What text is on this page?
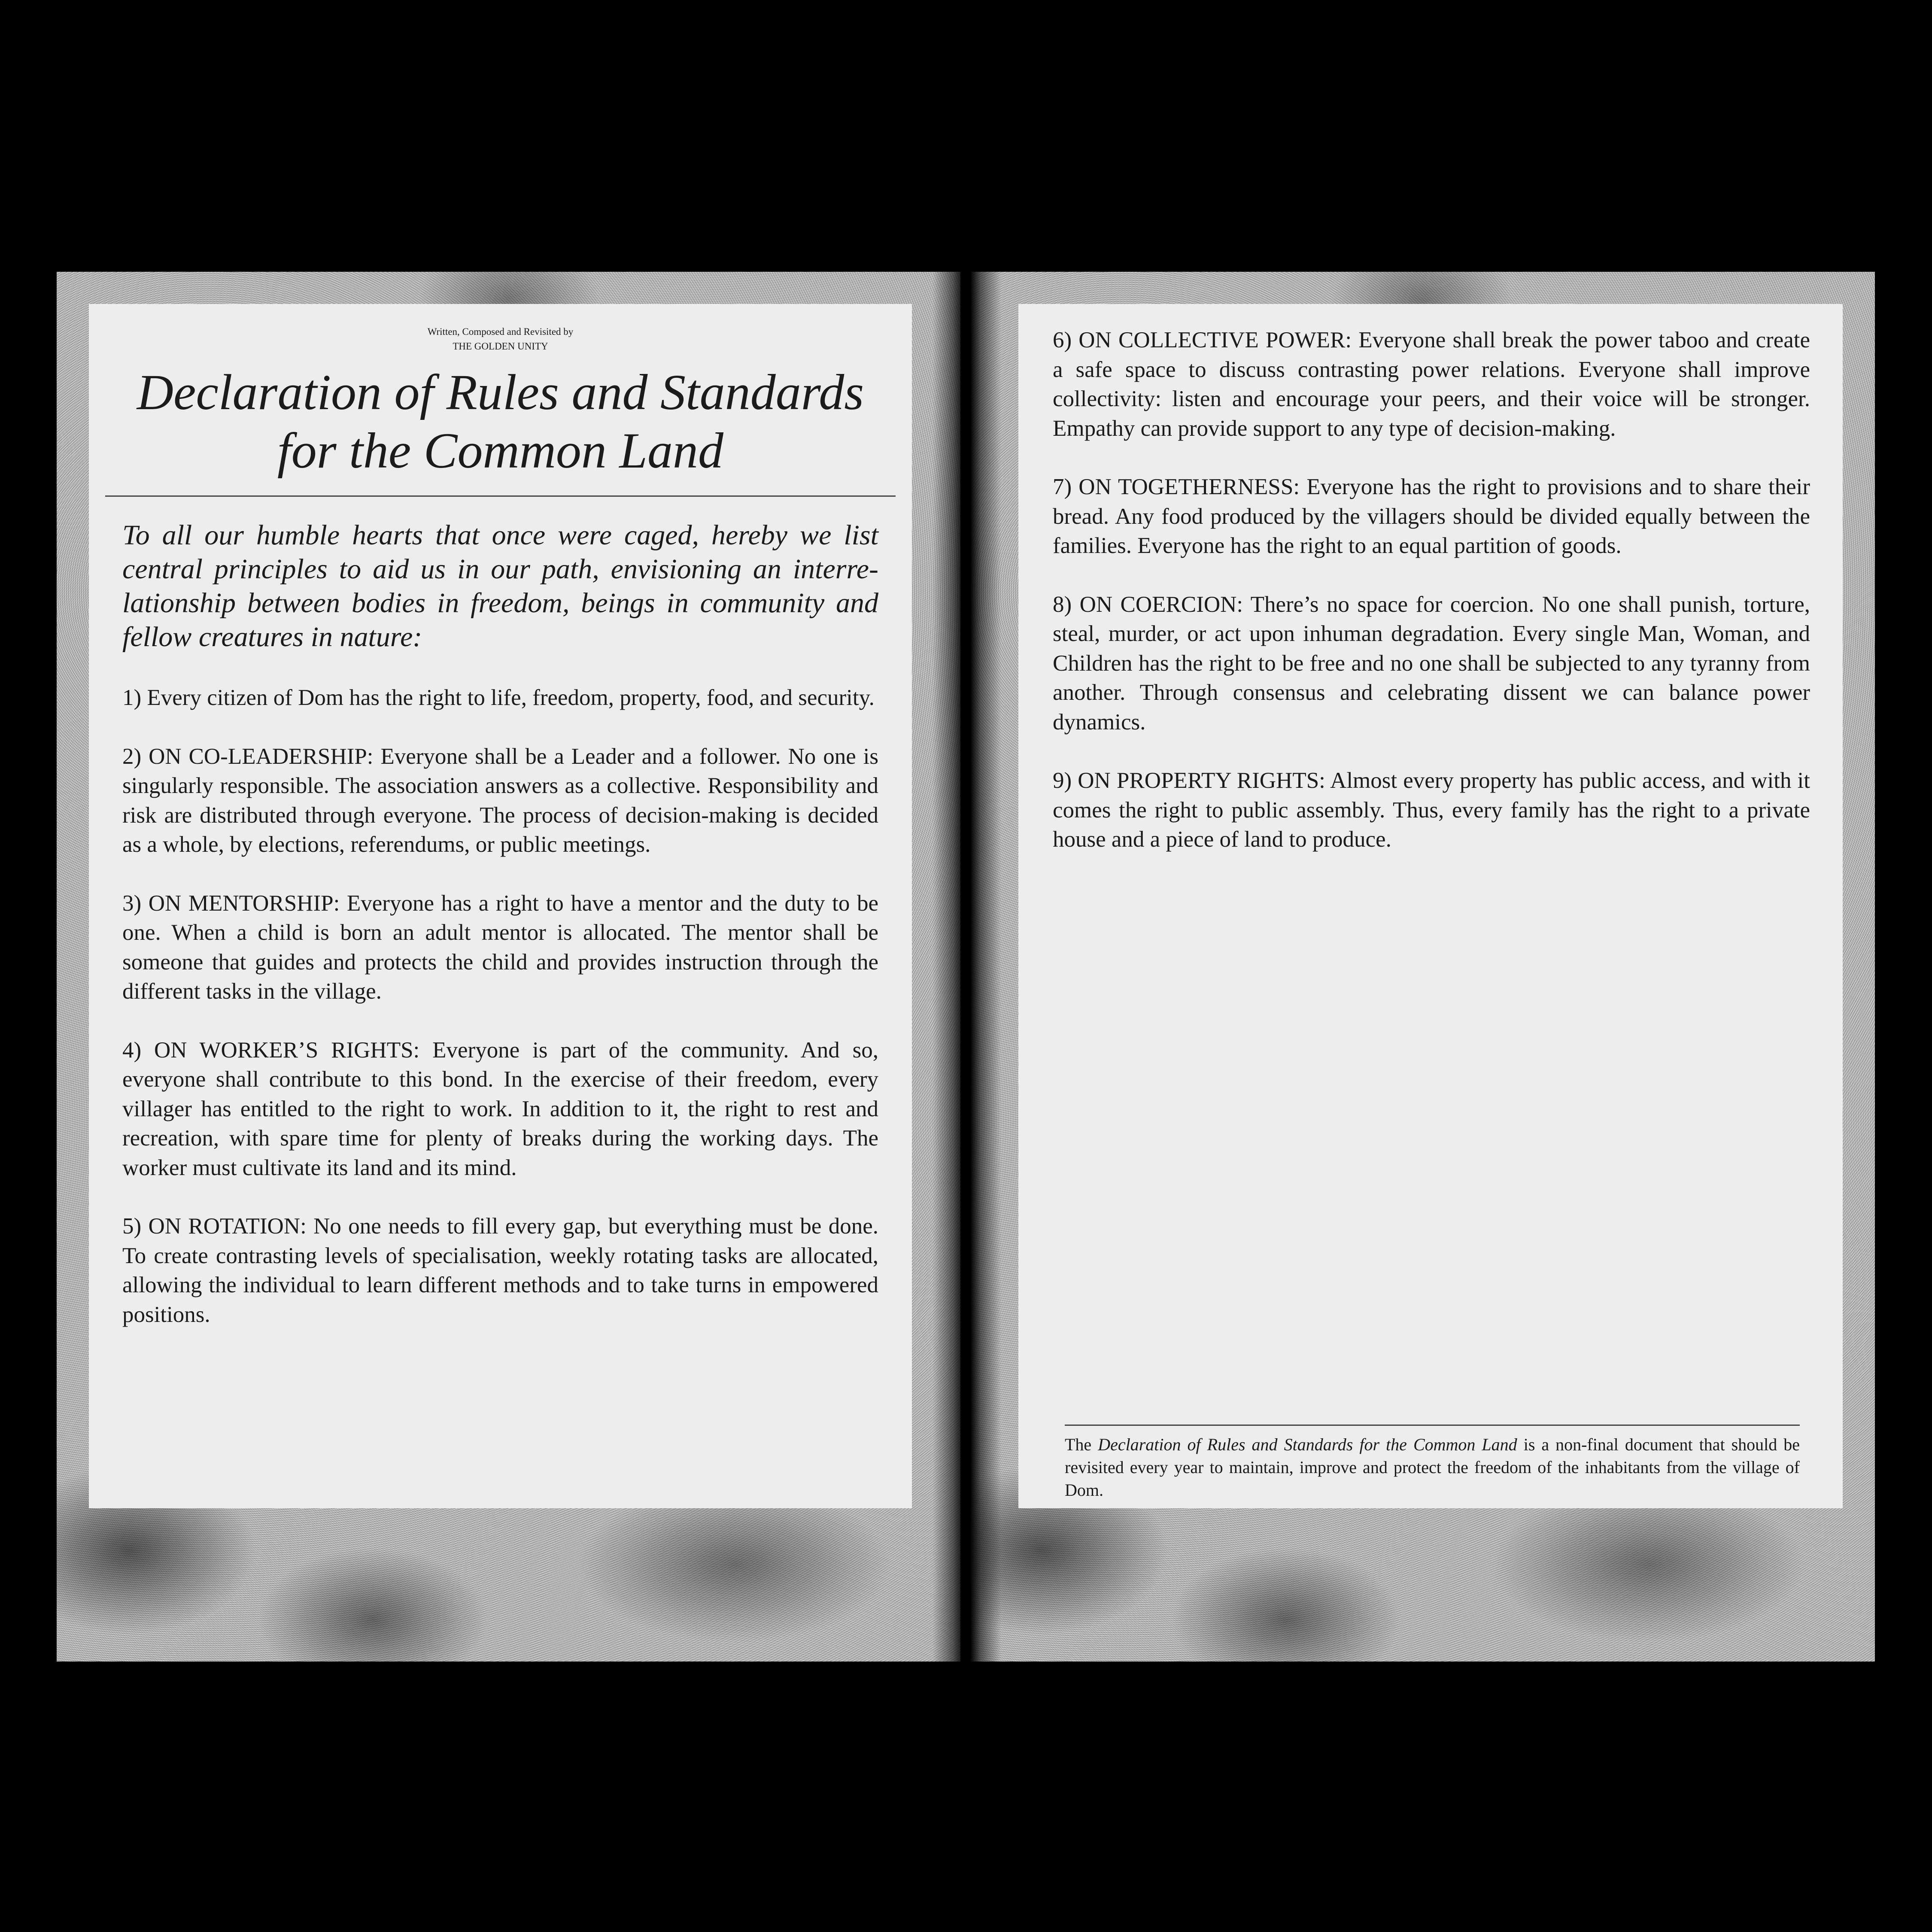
Written, Composed and Revisited by
THE GOLDEN UNITY
Declaration of Rules and Standards
for the Common Land

To all our humble hearts that once were caged, hereby we list central principles to aid us in our path, envisioning an interre-lationship between bodies in freedom, beings in community and fellow creatures in nature:

1) Every citizen of Dom has the right to life, freedom, property, food, and security.

2) ON CO-LEADERSHIP: Everyone shall be a Leader and a follower. No one is singularly responsible. The association answers as a collective. Responsibility and risk are distributed through everyone. The process of decision-making is decided as a whole, by elections, referendums, or public meetings.

3) ON MENTORSHIP: Everyone has a right to have a mentor and the duty to be one. When a child is born an adult mentor is allocated. The mentor shall be someone that guides and protects the child and provides instruction through the different tasks in the village.

4) ON WORKER’S RIGHTS: Everyone is part of the community. And so, everyone shall contribute to this bond. In the exercise of their freedom, every villager has entitled to the right to work. In addition to it, the right to rest and recreation, with spare time for plenty of breaks during the working days. The worker must cultivate its land and its mind.

5) ON ROTATION: No one needs to fill every gap, but everything must be done. To create contrasting levels of specialisation, weekly rotating tasks are allocated, allowing the individual to learn different methods and to take turns in empowered positions.

6) ON COLLECTIVE POWER: Everyone shall break the power taboo and create a safe space to discuss contrasting power relations. Everyone shall improve collectivity: listen and encourage your peers, and their voice will be stronger. Empathy can provide support to any type of decision-making.

7) ON TOGETHERNESS: Everyone has the right to provisions and to share their bread. Any food produced by the villagers should be divided equally between the families. Everyone has the right to an equal partition of goods.

8) ON COERCION: There’s no space for coercion. No one shall punish, torture, steal, murder, or act upon inhuman degradation. Every single Man, Woman, and Children has the right to be free and no one shall be subjected to any tyranny from another. Through consensus and celebrating dissent we can balance power dynamics.

9) ON PROPERTY RIGHTS: Almost every property has public access, and with it comes the right to public assembly. Thus, every family has the right to a private house and a piece of land to produce.

The Declaration of Rules and Standards for the Common Land is a non-final document that should be revisited every year to maintain, improve and protect the freedom of the inhabitants from the village of Dom.
